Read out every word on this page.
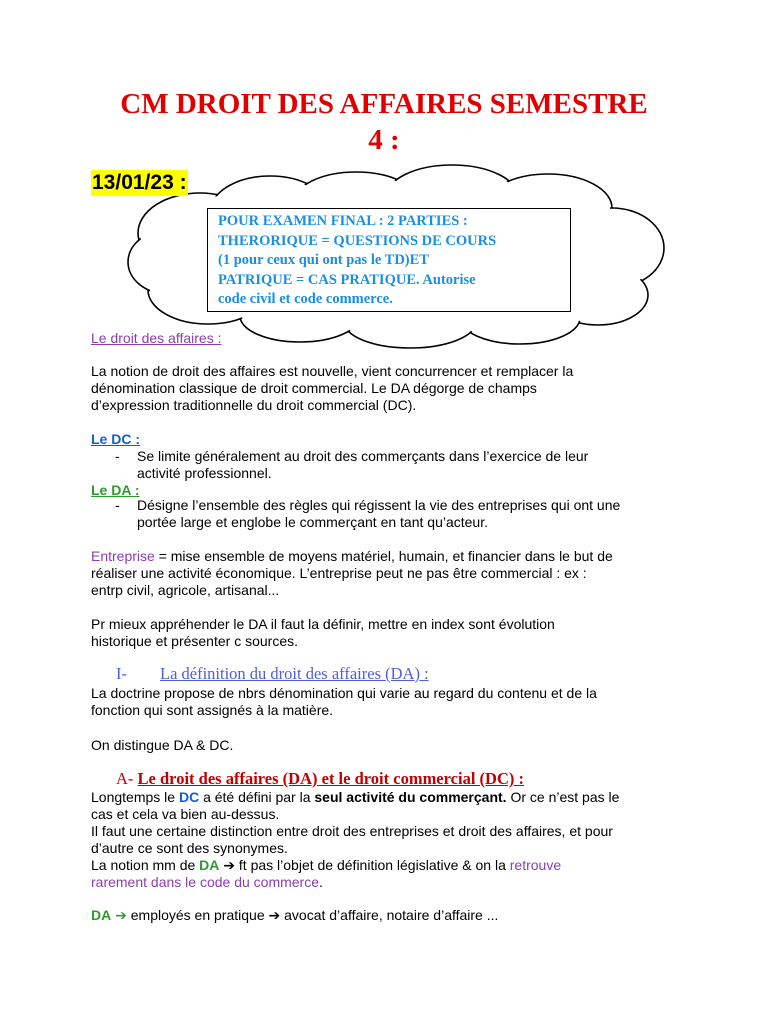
CM DROIT DES AFFAIRES SEMESTRE
4 :
13/01/23 :
POUR EXAMEN FINAL : 2 PARTIES :
THERORIQUE = QUESTIONS DE COURS
(1 pour ceux qui ont pas le TD)ET
PATRIQUE = CAS PRATIQUE. Autorise
code civil et code commerce.
Le droit des affaires :
La notion de droit des affaires est nouvelle, vient concurrencer et remplacer la
dénomination classique de droit commercial. Le DA dégorge de champs
d’expression traditionnelle du droit commercial (DC).
Le DC :
- Se limite généralement au droit des commerçants dans l’exercice de leur
activité professionnel.
Le DA :
- Désigne l’ensemble des règles qui régissent la vie des entreprises qui ont une
portée large et englobe le commerçant en tant qu’acteur.
Entreprise = mise ensemble de moyens matériel, humain, et financier dans le but de
réaliser une activité économique. L’entreprise peut ne pas être commercial : ex :
entrp civil, agricole, artisanal...
Pr mieux appréhender le DA il faut la définir, mettre en index sont évolution
historique et présenter c sources.
I- La définition du droit des affaires (DA) :
La doctrine propose de nbrs dénomination qui varie au regard du contenu et de la
fonction qui sont assignés à la matière.
On distingue DA & DC.
A- Le droit des affaires (DA) et le droit commercial (DC) :
Longtemps le DC a été défini par la seul activité du commerçant. Or ce n’est pas le
cas et cela va bien au-dessus.
Il faut une certaine distinction entre droit des entreprises et droit des affaires, et pour
d’autre ce sont des synonymes.
La notion mm de DA ➔ ft pas l’objet de définition législative & on la retrouve
rarement dans le code du commerce.
DA ➔ employés en pratique ➔ avocat d’affaire, notaire d’affaire ...
